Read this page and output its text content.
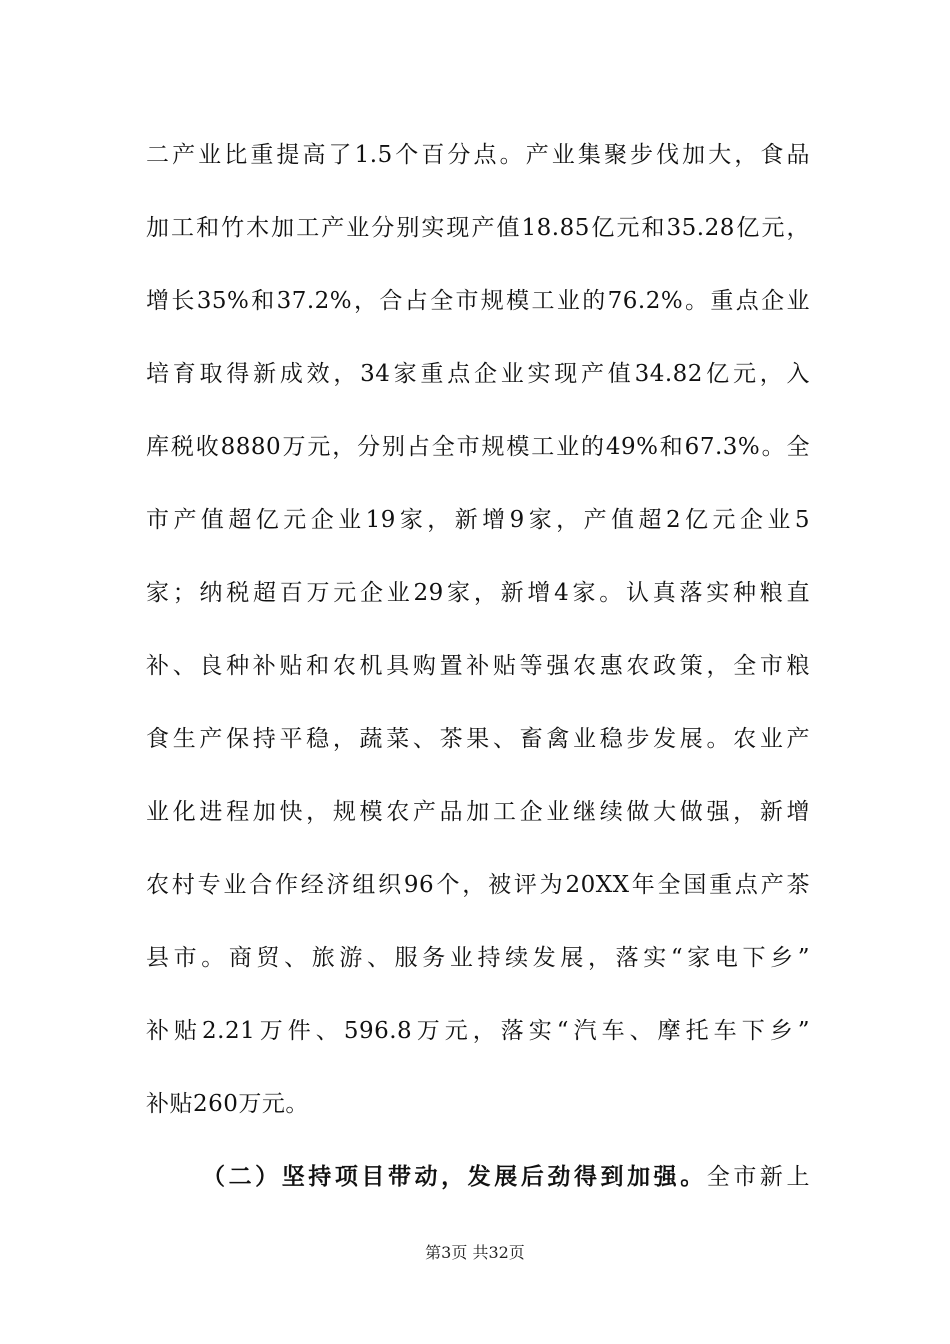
二产业比重提高了1.5个百分点。产业集聚步伐加大，食品
加工和竹木加工产业分别实现产值18.85亿元和35.28亿元，
增长35%和37.2%，合占全市规模工业的76.2%。重点企业
培育取得新成效，34家重点企业实现产值34.82亿元，入
库税收8880万元，分别占全市规模工业的49%和67.3%。全
市产值超亿元企业19家，新增9家，产值超2亿元企业5
家；纳税超百万元企业29家，新增4家。认真落实种粮直
补、良种补贴和农机具购置补贴等强农惠农政策，全市粮
食生产保持平稳，蔬菜、茶果、畜禽业稳步发展。农业产
业化进程加快，规模农产品加工企业继续做大做强，新增
农村专业合作经济组织96个，被评为20XX年全国重点产茶
县市。商贸、旅游、服务业持续发展，落实“家电下乡”
补贴2.21万件、596.8万元，落实“汽车、摩托车下乡”
补贴260万元。
（二）坚持项目带动，发展后劲得到加强。全市新上
第3页 共32页
